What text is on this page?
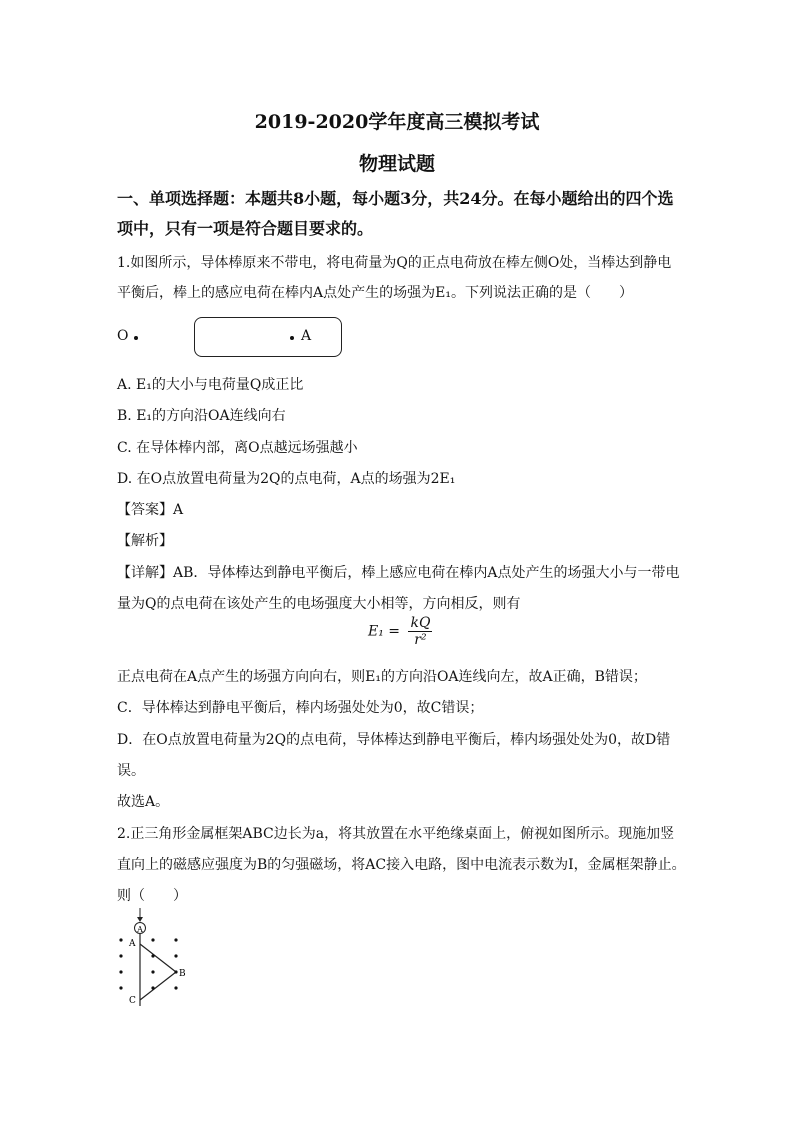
2019-2020学年度高三模拟考试
物理试题
一、单项选择题：本题共8小题，每小题3分，共24分。在每小题给出的四个选
项中，只有一项是符合题目要求的。
1.如图所示，导体棒原来不带电，将电荷量为Q的正点电荷放在棒左侧O处，当棒达到静电
平衡后，棒上的感应电荷在棒内A点处产生的场强为E₁。下列说法正确的是（　　）
O	A
A. E₁的大小与电荷量Q成正比
B. E₁的方向沿OA连线向右
C. 在导体棒内部，离O点越远场强越小
D. 在O点放置电荷量为2Q的点电荷，A点的场强为2E₁
【答案】A
【解析】
【详解】AB．导体棒达到静电平衡后，棒上感应电荷在棒内A点处产生的场强大小与一带电
量为Q的点电荷在该处产生的电场强度大小相等，方向相反，则有
$E_1 = \frac{kQ}{\text{r²}}$
正点电荷在A点产生的场强方向向右，则E₁的方向沿OA连线向左，故A正确，B错误；
C．导体棒达到静电平衡后，棒内场强处处为0，故C错误；
D．在O点放置电荷量为2Q的点电荷，导体棒达到静电平衡后，棒内场强处处为0，故D错
误。
故选A。
2.正三角形金属框架ABC边长为a，将其放置在水平绝缘桌面上，俯视如图所示。现施加竖
直向上的磁感应强度为B的匀强磁场，将AC接入电路，图中电流表示数为I，金属框架静止。
则（　　）
A
A
B
C
